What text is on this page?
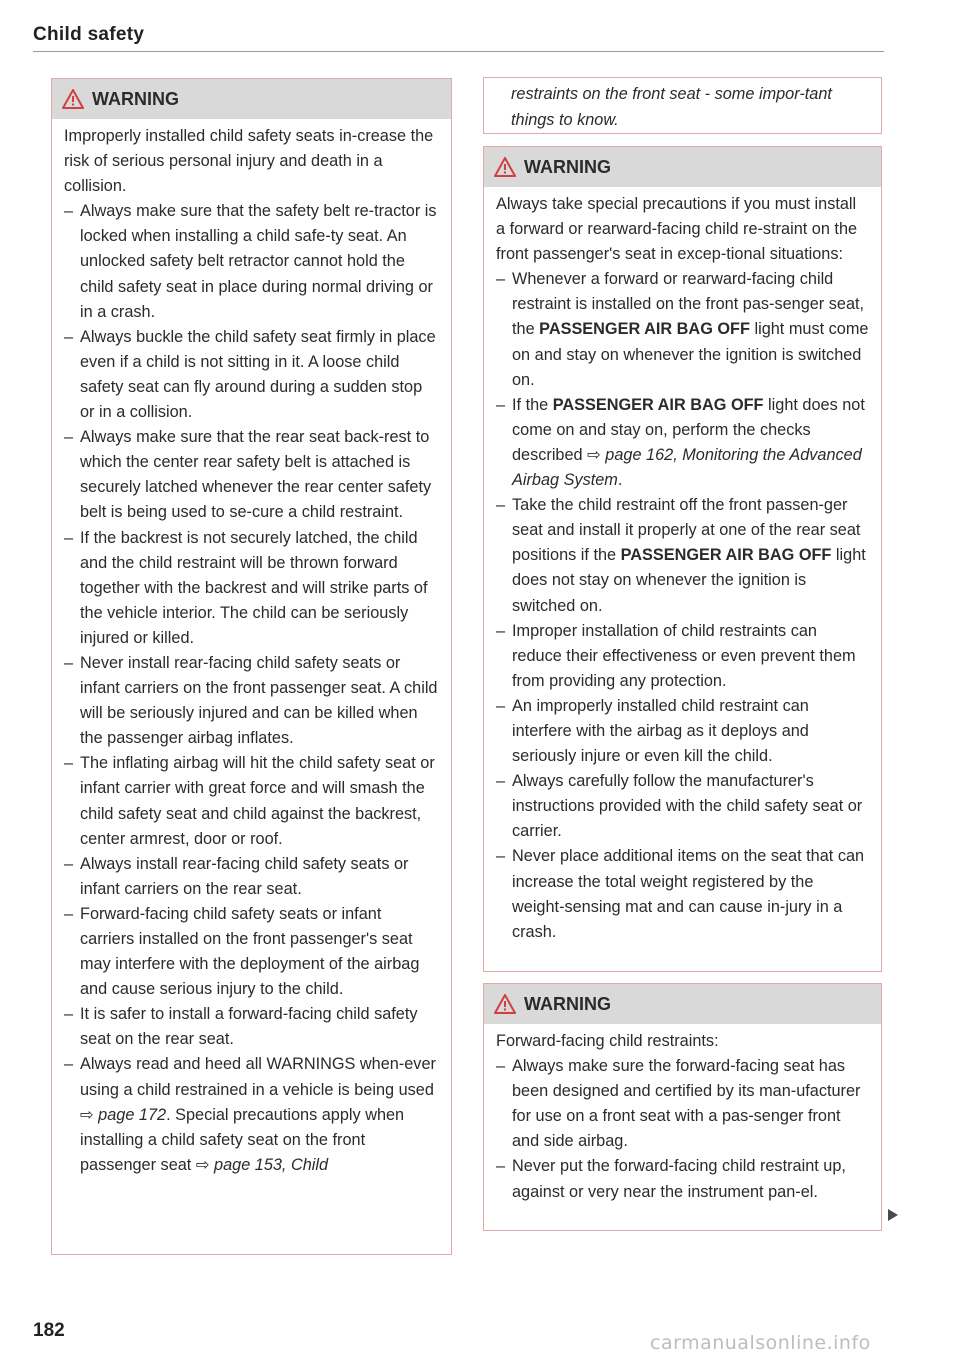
Child safety
WARNING

Improperly installed child safety seats in-crease the risk of serious personal injury and death in a collision.

– Always make sure that the safety belt re-tractor is locked when installing a child safe-ty seat. An unlocked safety belt retractor cannot hold the child safety seat in place during normal driving or in a crash.
– Always buckle the child safety seat firmly in place even if a child is not sitting in it. A loose child safety seat can fly around during a sudden stop or in a collision.
– Always make sure that the rear seat back-rest to which the center rear safety belt is attached is securely latched whenever the rear center safety belt is being used to se-cure a child restraint.
– If the backrest is not securely latched, the child and the child restraint will be thrown forward together with the backrest and will strike parts of the vehicle interior. The child can be seriously injured or killed.
– Never install rear-facing child safety seats or infant carriers on the front passenger seat. A child will be seriously injured and can be killed when the passenger airbag inflates.
– The inflating airbag will hit the child safety seat or infant carrier with great force and will smash the child safety seat and child against the backrest, center armrest, door or roof.
– Always install rear-facing child safety seats or infant carriers on the rear seat.
– Forward-facing child safety seats or infant carriers installed on the front passenger's seat may interfere with the deployment of the airbag and cause serious injury to the child.
– It is safer to install a forward-facing child safety seat on the rear seat.
– Always read and heed all WARNINGS when-ever using a child restrained in a vehicle is being used ⇨ page 172. Special precautions apply when installing a child safety seat on the front passenger seat ⇨ page 153, Child
restraints on the front seat - some impor-tant things to know.
WARNING

Always take special precautions if you must install a forward or rearward-facing child re-straint on the front passenger's seat in excep-tional situations:

– Whenever a forward or rearward-facing child restraint is installed on the front pas-senger seat, the PASSENGER AIR BAG OFF light must come on and stay on whenever the ignition is switched on.
– If the PASSENGER AIR BAG OFF light does not come on and stay on, perform the checks described ⇨ page 162, Monitoring the Advanced Airbag System.
– Take the child restraint off the front passen-ger seat and install it properly at one of the rear seat positions if the PASSENGER AIR BAG OFF light does not stay on whenever the ignition is switched on.
– Improper installation of child restraints can reduce their effectiveness or even prevent them from providing any protection.
– An improperly installed child restraint can interfere with the airbag as it deploys and seriously injure or even kill the child.
– Always carefully follow the manufacturer's instructions provided with the child safety seat or carrier.
– Never place additional items on the seat that can increase the total weight registered by the weight-sensing mat and can cause in-jury in a crash.
WARNING

Forward-facing child restraints:

– Always make sure the forward-facing seat has been designed and certified by its man-ufacturer for use on a front seat with a pas-senger front and side airbag.
– Never put the forward-facing child restraint up, against or very near the instrument pan-el.
182
carmanualsonline.info
